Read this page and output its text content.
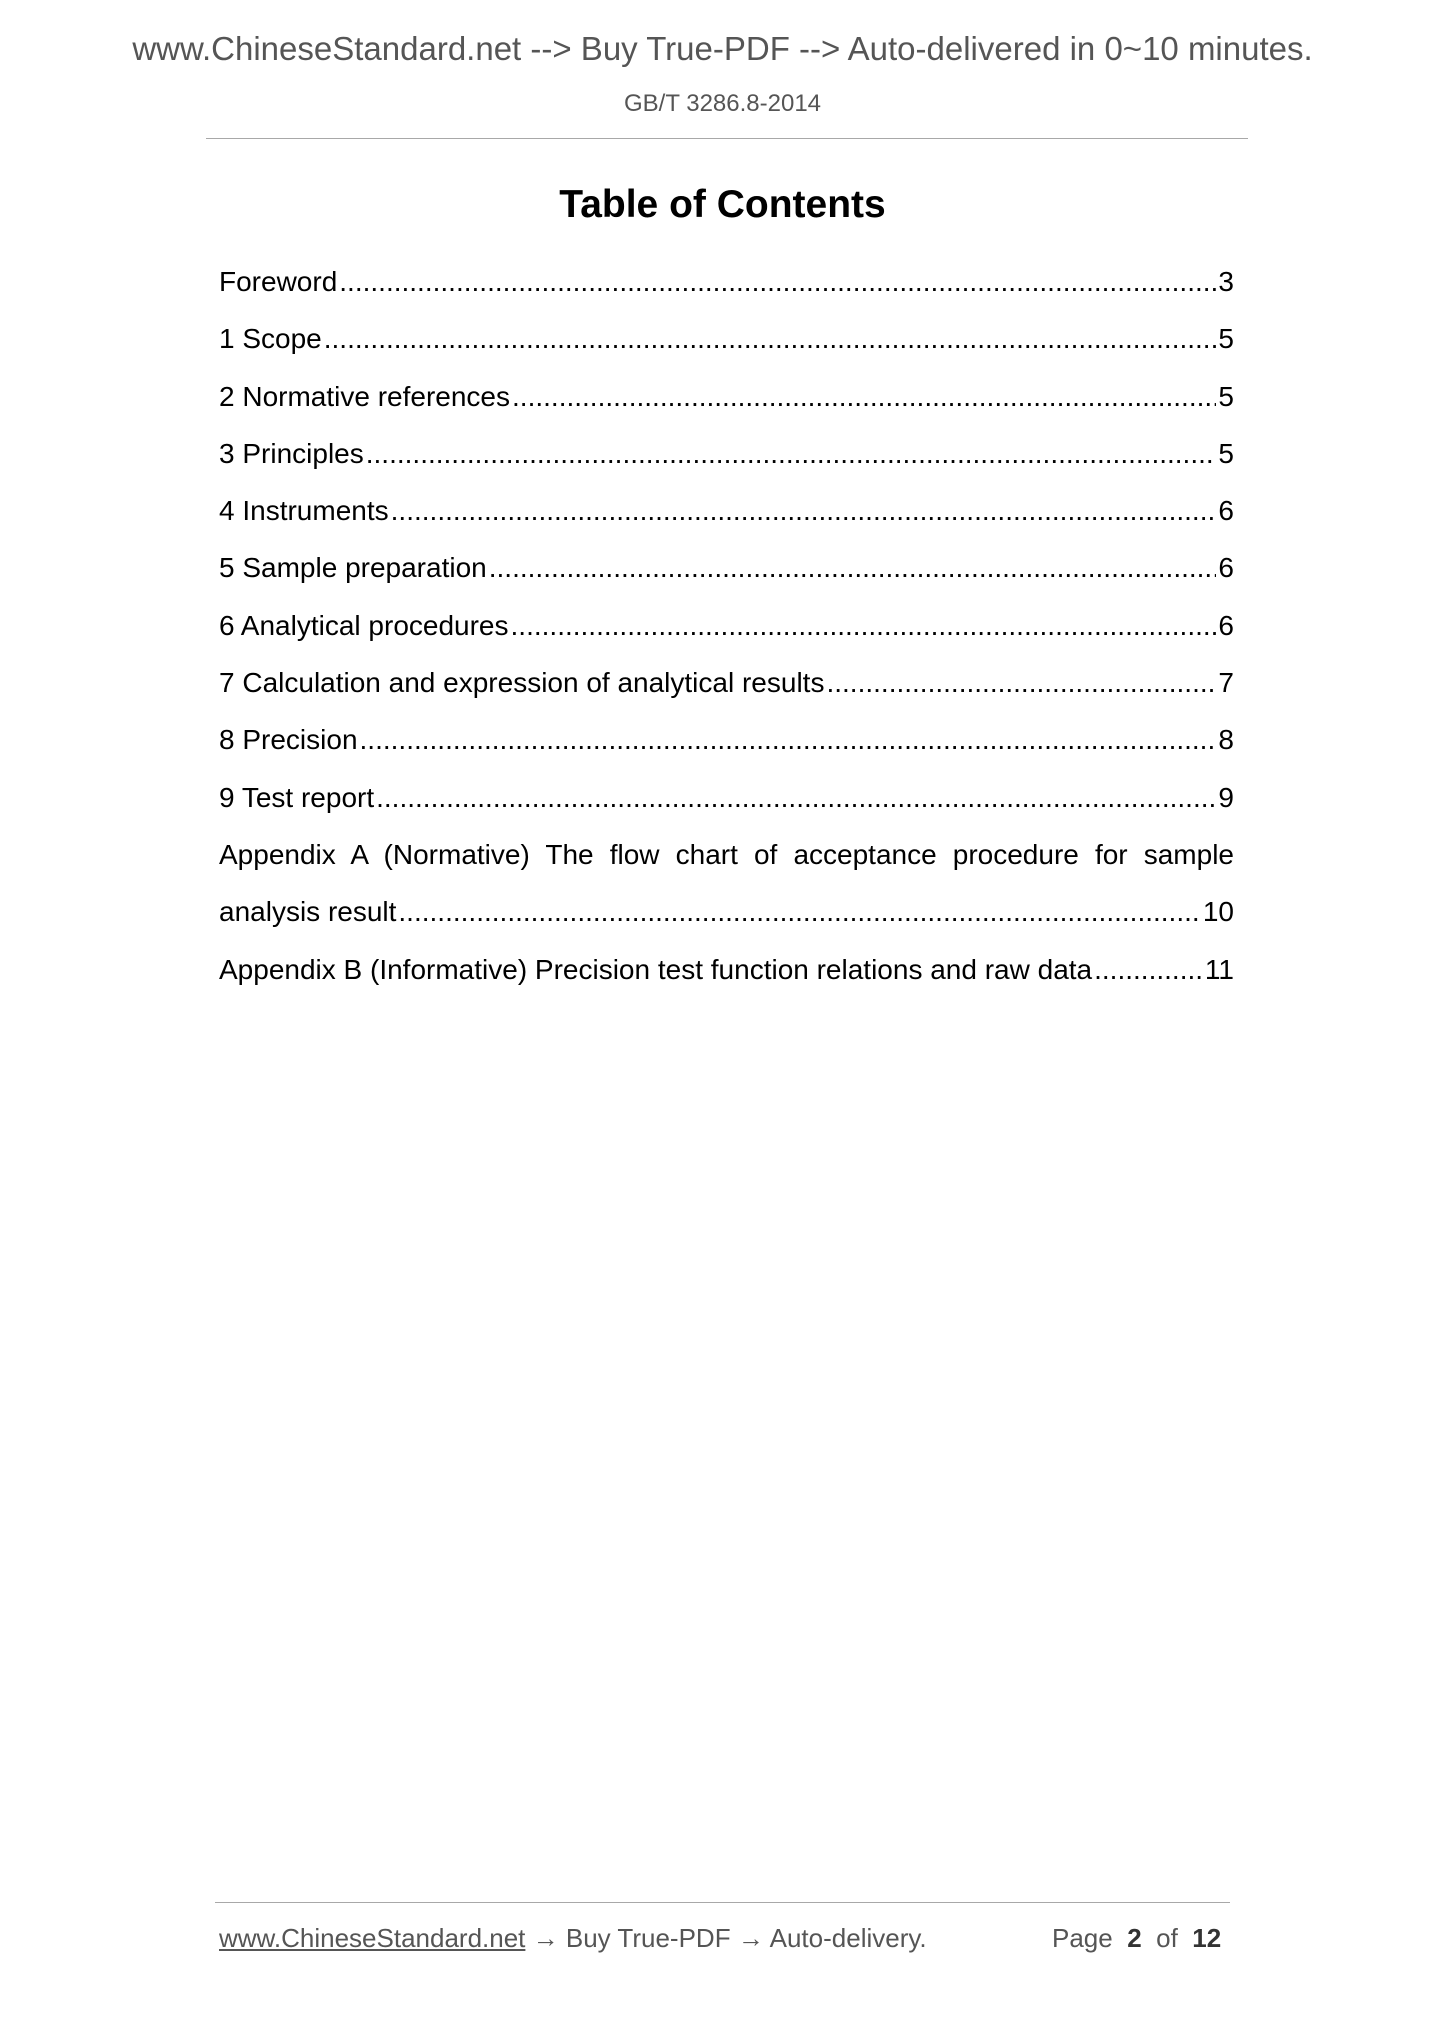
www.ChineseStandard.net --> Buy True-PDF --> Auto-delivered in 0~10 minutes.
GB/T 3286.8-2014
Table of Contents
Foreword .....	3
1 Scope .....	5
2 Normative references .....	5
3 Principles .....	5
4 Instruments .....	6
5 Sample preparation .....	6
6 Analytical procedures .....	6
7 Calculation and expression of analytical results .....	7
8 Precision .....	8
9 Test report .....	9
Appendix A (Normative) The flow chart of acceptance procedure for sample
analysis result .....	10
Appendix B (Informative) Precision test function relations and raw data .....	11
www.ChineseStandard.net → Buy True-PDF → Auto-delivery.	Page 2 of 12
